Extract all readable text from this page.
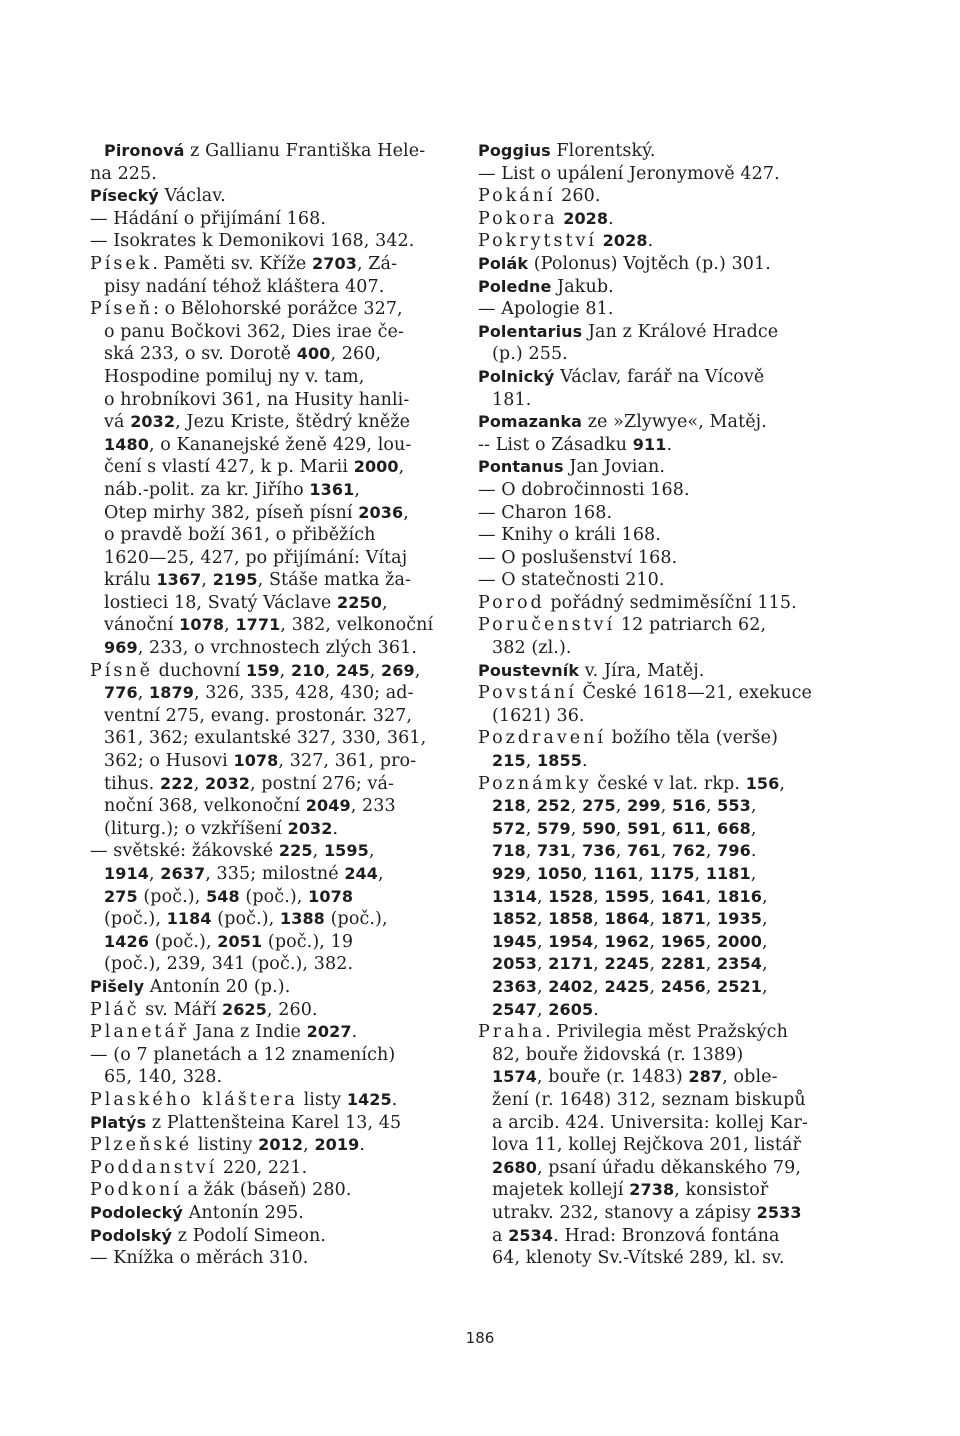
Pironová z Gallianu Františka Hele-
na 225.
Písecký Václav.
— Hádání o přijímání 168.
— Isokrates k Demonikovi 168, 342.
Písek. Paměti sv. Kříže 2703, Zá-
pisy nadání téhož kláštera 407.
Píseň: o Bělohorské porážce 327,
o panu Bočkovi 362, Dies irae če-
ská 233, o sv. Dorotě 400, 260,
Hospodine pomiluj ny v. tam,
o hrobníkovi 361, na Husity hanli-
vá 2032, Jezu Kriste, štědrý kněže
1480, o Kananejské ženě 429, lou-
čení s vlastí 427, k p. Marii 2000,
náb.-polit. za kr. Jiřího 1361,
Otep mirhy 382, píseň písní 2036,
o pravdě boží 361, o přiběžích
1620—25, 427, po přijímání: Vítaj
králu 1367, 2195, Stáše matka ža-
lostieci 18, Svatý Václave 2250,
vánoční 1078, 1771, 382, velkonoční
969, 233, o vrchnostech zlých 361.
Písně duchovní 159, 210, 245, 269,
776, 1879, 326, 335, 428, 430; ad-
ventní 275, evang. prostonár. 327,
361, 362; exulantské 327, 330, 361,
362; o Husovi 1078, 327, 361, pro-
tihus. 222, 2032, postní 276; vá-
noční 368, velkonoční 2049, 233
(liturg.); o vzkříšení 2032.
— světské: žákovské 225, 1595,
1914, 2637, 335; milostné 244,
275 (poč.), 548 (poč.), 1078
(poč.), 1184 (poč.), 1388 (poč.),
1426 (poč.), 2051 (poč.), 19
(poč.), 239, 341 (poč.), 382.
Pišely Antonín 20 (p.).
Pláč sv. Máří 2625, 260.
Planetář Jana z Indie 2027.
— (o 7 planetách a 12 znameních)
65, 140, 328.
Plaského kláštera listy 1425.
Platýs z Plattenšteina Karel 13, 45
Plzeňské listiny 2012, 2019.
Poddanství 220, 221.
Podkoní a žák (báseň) 280.
Podolecký Antonín 295.
Podolský z Podolí Simeon.
— Knížka o měrách 310.
Poggius Florentský.
— List o upálení Jeronymově 427.
Pokání 260.
Pokora 2028.
Pokrytství 2028.
Polák (Polonus) Vojtěch (p.) 301.
Poledne Jakub.
— Apologie 81.
Polentarius Jan z Králové Hradce
(p.) 255.
Polnický Václav, farář na Vícově
181.
Pomazanka ze »Zlywye«, Matěj.
-- List o Zásadku 911.
Pontanus Jan Jovian.
— O dobročinnosti 168.
— Charon 168.
— Knihy o králi 168.
— O poslušenství 168.
— O statečnosti 210.
Porod pořádný sedmiměsíční 115.
Poručenství 12 patriarch 62,
382 (zl.).
Poustevník v. Jíra, Matěj.
Povstání České 1618—21, exekuce
(1621) 36.
Pozdravení božího těla (verše)
215, 1855.
Poznámky české v lat. rkp. 156,
218, 252, 275, 299, 516, 553,
572, 579, 590, 591, 611, 668,
718, 731, 736, 761, 762, 796.
929, 1050, 1161, 1175, 1181,
1314, 1528, 1595, 1641, 1816,
1852, 1858, 1864, 1871, 1935,
1945, 1954, 1962, 1965, 2000,
2053, 2171, 2245, 2281, 2354,
2363, 2402, 2425, 2456, 2521,
2547, 2605.
Praha. Privilegia měst Pražských
82, bouře židovská (r. 1389)
1574, bouře (r. 1483) 287, oble-
žení (r. 1648) 312, seznam biskupů
a arcib. 424. Universita: kollej Kar-
lova 11, kollej Rejčkova 201, listář
2680, psaní úřadu děkanského 79,
majetek kollejí 2738, konsistoř
utrakv. 232, stanovy a zápisy 2533
a 2534. Hrad: Bronzová fontána
64, klenoty Sv.-Vítské 289, kl. sv.
186
